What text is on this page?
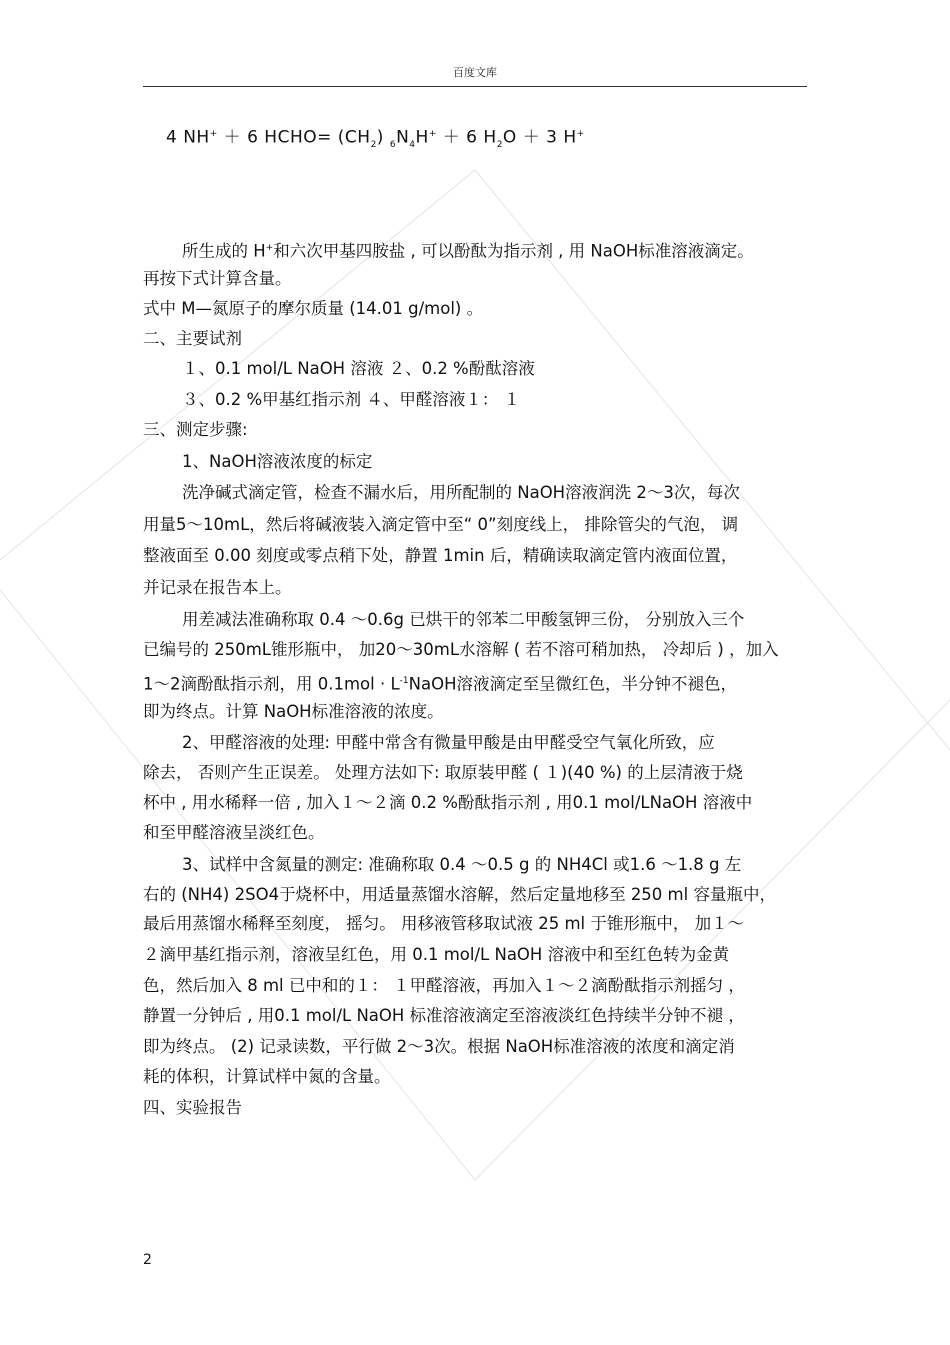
百度文库
4 NH+ ＋ 6 HCHO= $(CH_2) _6N_4H^+ + 6$ $H_2O + 3$ H+
所生成的 H+和六次甲基四胺盐 , 可以酚酞为指示剂 , 用 NaOH标准溶液滴定。
再按下式计算含量。
式中 M—氮原子的摩尔质量 (14.01 g/mol) 。
二、主要试剂
１、0.1 mol/L NaOH 溶液 ２、0.2 %酚酞溶液
３、0.2 %甲基红指示剂 ４、甲醛溶液１： １
三、测定步骤:
1、NaOH溶液浓度的标定
洗净碱式滴定管，检查不漏水后，用所配制的 NaOH溶液润洗 2～3次，每次
用量5～10mL，然后将碱液装入滴定管中至“ 0”刻度线上， 排除管尖的气泡， 调
整液面至 0.00 刻度或零点稍下处，静置 1min 后，精确读取滴定管内液面位置，
并记录在报告本上。
用差减法准确称取 0.4 ～0.6g 已烘干的邻苯二甲酸氢钾三份， 分别放入三个
已编号的 250mL锥形瓶中， 加20～30mL水溶解 ( 若不溶可稍加热， 冷却后 ) ，加入
1～2滴酚酞指示剂，用 $0.1mol \cdot L^{-1}NaOH$溶液滴定至呈微红色，半分钟不褪色，
即为终点。计算 NaOH标准溶液的浓度。
2、甲醛溶液的处理: 甲醛中常含有微量甲酸是由甲醛受空气氧化所致，应
除去， 否则产生正误差。 处理方法如下: 取原装甲醛 ( １)(40 %) 的上层清液于烧
杯中 , 用水稀释一倍 , 加入１～２滴 0.2 %酚酞指示剂 , 用0.1 mol/LNaOH 溶液中
和至甲醛溶液呈淡红色。
3、试样中含氮量的测定: 准确称取 0.4 ～0.5 g 的 NH4Cl 或1.6 ～1.8 g 左
右的 (NH4) 2SO4于烧杯中，用适量蒸馏水溶解，然后定量地移至 250 ml 容量瓶中，
最后用蒸馏水稀释至刻度， 摇匀。 用移液管移取试液 25 ml 于锥形瓶中， 加１～
２滴甲基红指示剂，溶液呈红色，用 0.1 mol/L NaOH 溶液中和至红色转为金黄
色，然后加入 8 ml 已中和的１： １甲醛溶液，再加入１～２滴酚酞指示剂摇匀 ，
静置一分钟后 , 用0.1 mol/L NaOH 标准溶液滴定至溶液淡红色持续半分钟不褪 ，
即为终点。 (2) 记录读数，平行做 2～3次。根据 NaOH标准溶液的浓度和滴定消
耗的体积，计算试样中氮的含量。
四、实验报告
2
